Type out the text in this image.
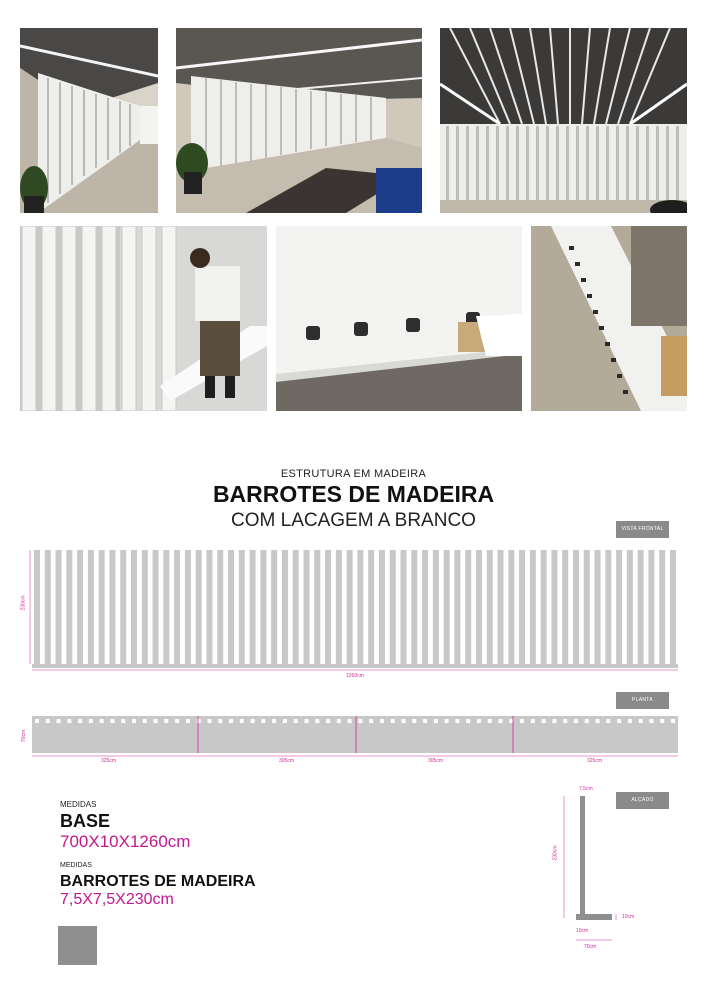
ESTRUTURA EM MADEIRA
BARROTES DE MADEIRA
COM LACAGEM A BRANCO	VISTA FRONTAL
PLANTA
ALÇADO
230cm
1260cm
70cm
325cm	305cm	305cm	325cm
7,5cm
230cm
10cm
10cm
70cm
MEDIDAS
BASE
700X10X1260cm
MEDIDAS
BARROTES DE MADEIRA
7,5X7,5X230cm
